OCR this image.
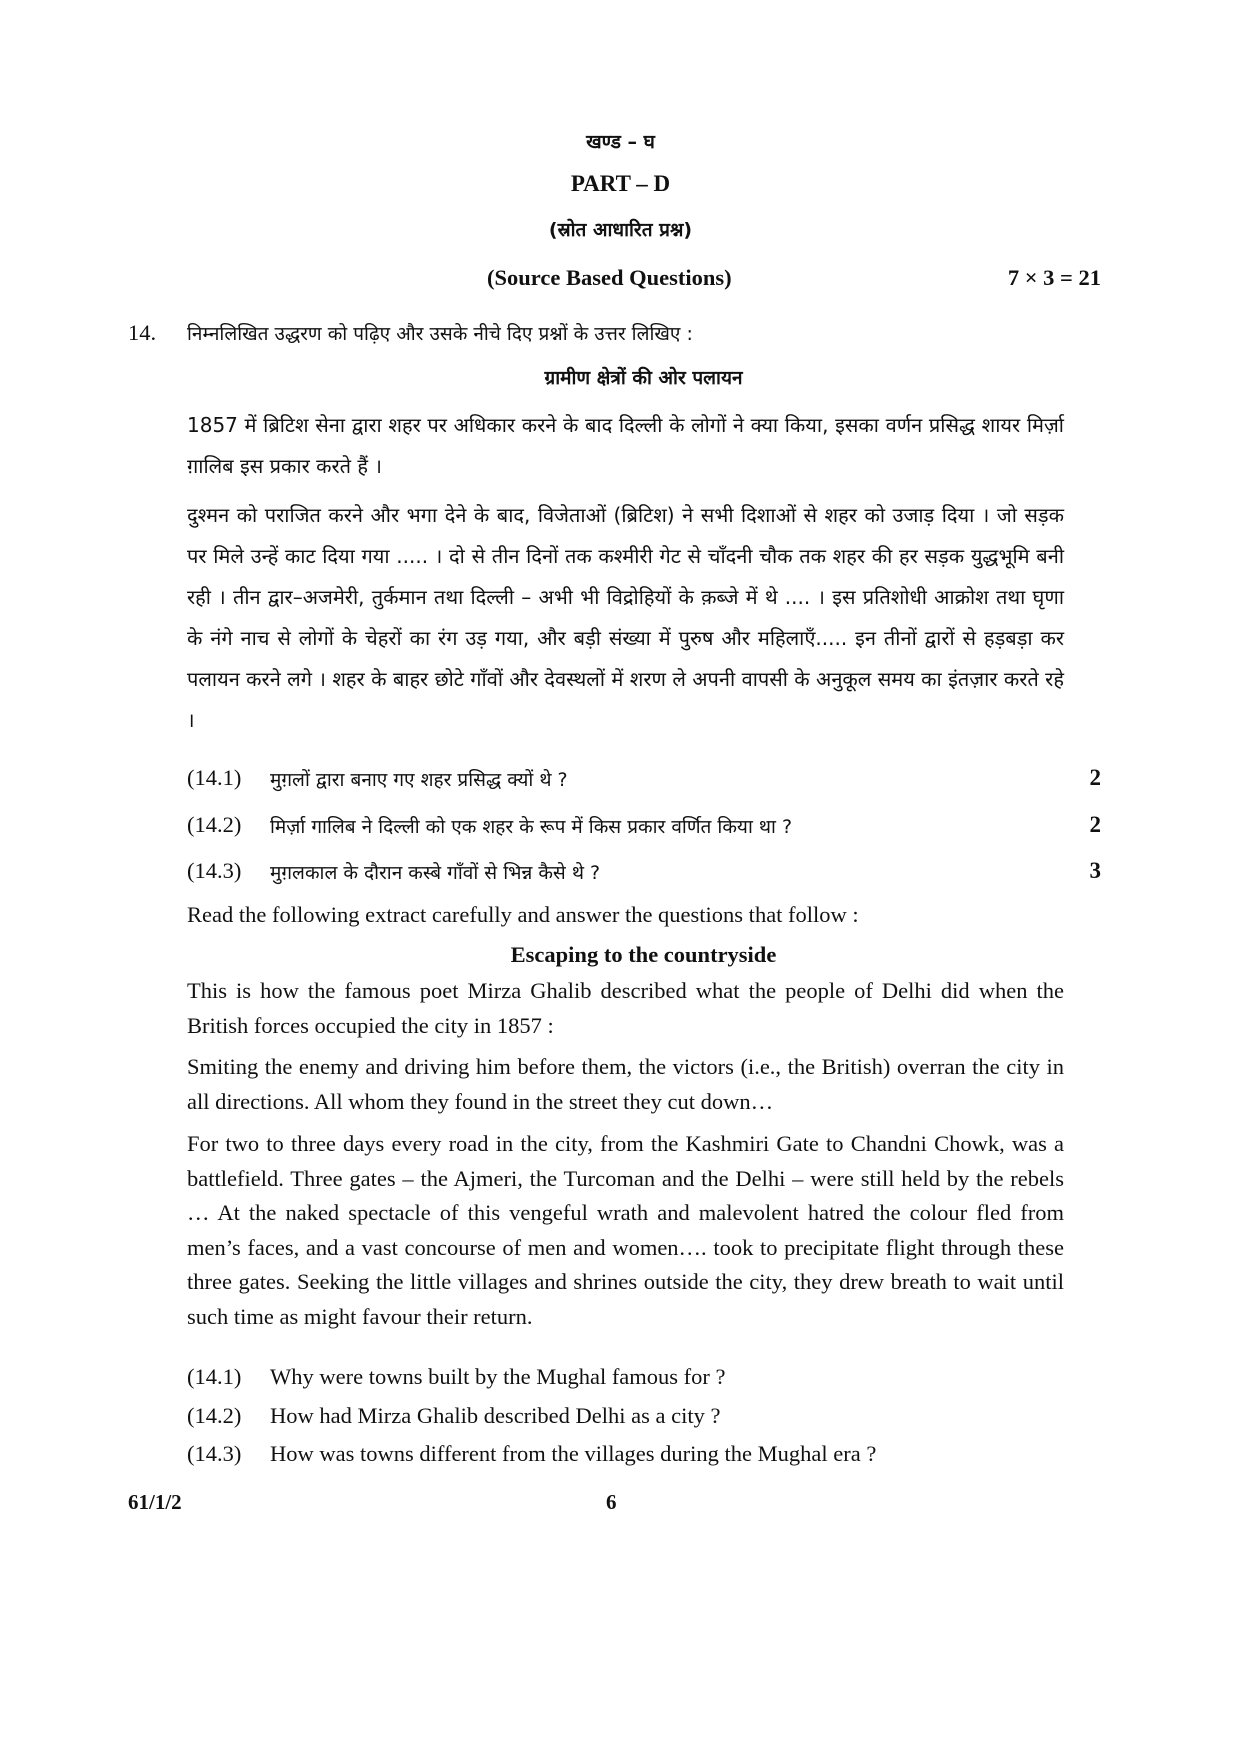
खण्ड – घ
PART – D
(स्रोत आधारित प्रश्न)
(Source Based Questions)	7 × 3 = 21
14. निम्नलिखित उद्धरण को पढ़िए और उसके नीचे दिए प्रश्नों के उत्तर लिखिए :
ग्रामीण क्षेत्रों की ओर पलायन
1857 में ब्रिटिश सेना द्वारा शहर पर अधिकार करने के बाद दिल्ली के लोगों ने क्या किया, इसका वर्णन प्रसिद्ध शायर मिर्ज़ा ग़ालिब इस प्रकार करते हैं ।
दुश्मन को पराजित करने और भगा देने के बाद, विजेताओं (ब्रिटिश) ने सभी दिशाओं से शहर को उजाड़ दिया । जो सड़क पर मिले उन्हें काट दिया गया ..... । दो से तीन दिनों तक कश्मीरी गेट से चाँदनी चौक तक शहर की हर सड़क युद्धभूमि बनी रही । तीन द्वार–अजमेरी, तुर्कमान तथा दिल्ली – अभी भी विद्रोहियों के क़ब्जे में थे .... । इस प्रतिशोधी आक्रोश तथा घृणा के नंगे नाच से लोगों के चेहरों का रंग उड़ गया, और बड़ी संख्या में पुरुष और महिलाएँ..... इन तीनों द्वारों से हड़बड़ा कर पलायन करने लगे । शहर के बाहर छोटे गाँवों और देवस्थलों में शरण ले अपनी वापसी के अनुकूल समय का इंतज़ार करते रहे ।
(14.1) मुग़लों द्वारा बनाए गए शहर प्रसिद्ध क्यों थे ?	2
(14.2) मिर्ज़ा गालिब ने दिल्ली को एक शहर के रूप में किस प्रकार वर्णित किया था ?	2
(14.3) मुग़लकाल के दौरान कस्बे गाँवों से भिन्न कैसे थे ?	3
Read the following extract carefully and answer the questions that follow :
Escaping to the countryside
This is how the famous poet Mirza Ghalib described what the people of Delhi did when the British forces occupied the city in 1857 :
Smiting the enemy and driving him before them, the victors (i.e., the British) overran the city in all directions. All whom they found in the street they cut down…
For two to three days every road in the city, from the Kashmiri Gate to Chandni Chowk, was a battlefield. Three gates – the Ajmeri, the Turcoman and the Delhi – were still held by the rebels … At the naked spectacle of this vengeful wrath and malevolent hatred the colour fled from men’s faces, and a vast concourse of men and women…. took to precipitate flight through these three gates. Seeking the little villages and shrines outside the city, they drew breath to wait until such time as might favour their return.
(14.1) Why were towns built by the Mughal famous for ?
(14.2) How had Mirza Ghalib described Delhi as a city ?
(14.3) How was towns different from the villages during the Mughal era ?
61/1/2	6
